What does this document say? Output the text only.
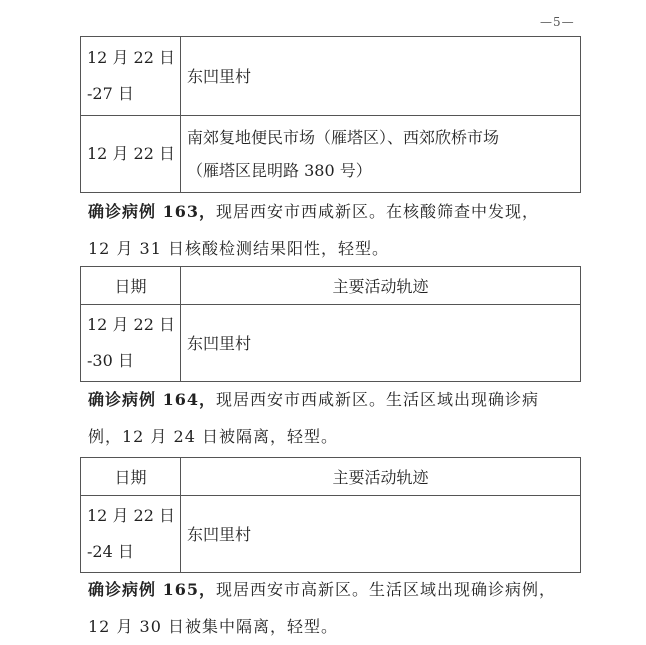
—5—
12 月 22 日
-27 日	东凹里村

12 月 22 日	南郊复地便民市场（雁塔区）、西郊欣桥市场
（雁塔区昆明路 380 号）
确诊病例 163，现居西安市西咸新区。在核酸筛查中发现，
12 月 31 日核酸检测结果阳性，轻型。
日期	主要活动轨迹

12 月 22 日
-30 日	东凹里村
确诊病例 164，现居西安市西咸新区。生活区域出现确诊病
例，12 月 24 日被隔离，轻型。
日期	主要活动轨迹

12 月 22 日
-24 日	东凹里村
确诊病例 165，现居西安市高新区。生活区域出现确诊病例，
12 月 30 日被集中隔离，轻型。
